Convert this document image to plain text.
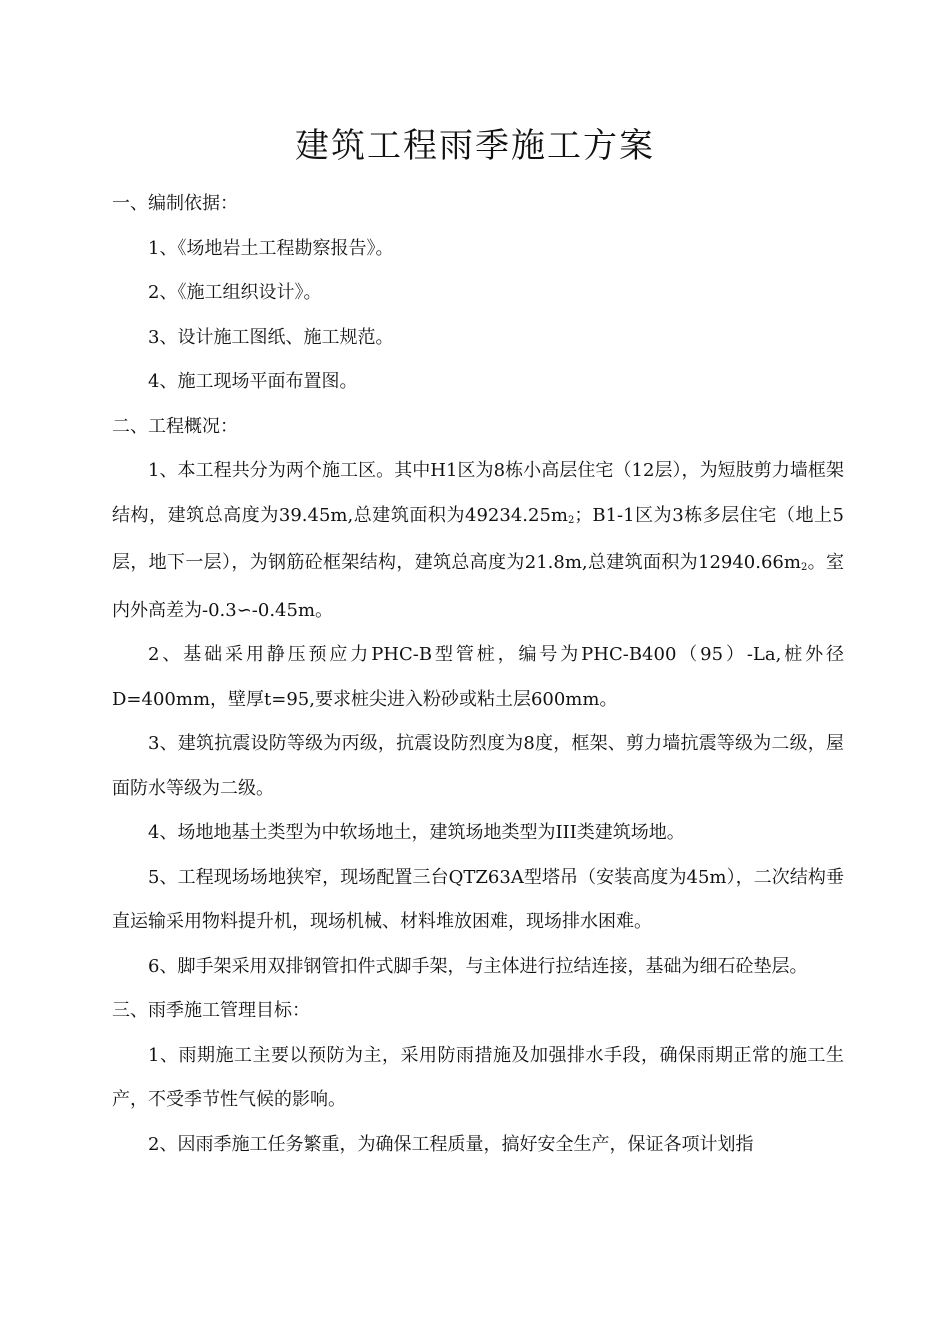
建筑工程雨季施工方案

一、编制依据：

1、《场地岩土工程勘察报告》。

2、《施工组织设计》。

3、设计施工图纸、施工规范。

4、施工现场平面布置图。

二、工程概况：

1、本工程共分为两个施工区。其中H1区为8栋小高层住宅（12层），为短肢剪力墙框架结构，建筑总高度为39.45m,总建筑面积为$49234.25m_2$；B1-1区为3栋多层住宅（地上5层，地下一层），为钢筋砼框架结构，建筑总高度为21.8m,总建筑面积为$12940.66m_2$。室内外高差为-0.3∽-0.45m。

2、基础采用静压预应力PHC-B型管桩，编号为PHC-B400（95）-La,桩外径D=400mm，壁厚t=95,要求桩尖进入粉砂或粘土层600mm。

3、建筑抗震设防等级为丙级，抗震设防烈度为8度，框架、剪力墙抗震等级为二级，屋面防水等级为二级。

4、场地地基土类型为中软场地土，建筑场地类型为III类建筑场地。

5、工程现场场地狭窄，现场配置三台QTZ63A型塔吊（安装高度为45m），二次结构垂直运输采用物料提升机，现场机械、材料堆放困难，现场排水困难。

6、脚手架采用双排钢管扣件式脚手架，与主体进行拉结连接，基础为细石砼垫层。

三、雨季施工管理目标：

1、雨期施工主要以预防为主，采用防雨措施及加强排水手段，确保雨期正常的施工生产，不受季节性气候的影响。

2、因雨季施工任务繁重，为确保工程质量，搞好安全生产，保证各项计划指
